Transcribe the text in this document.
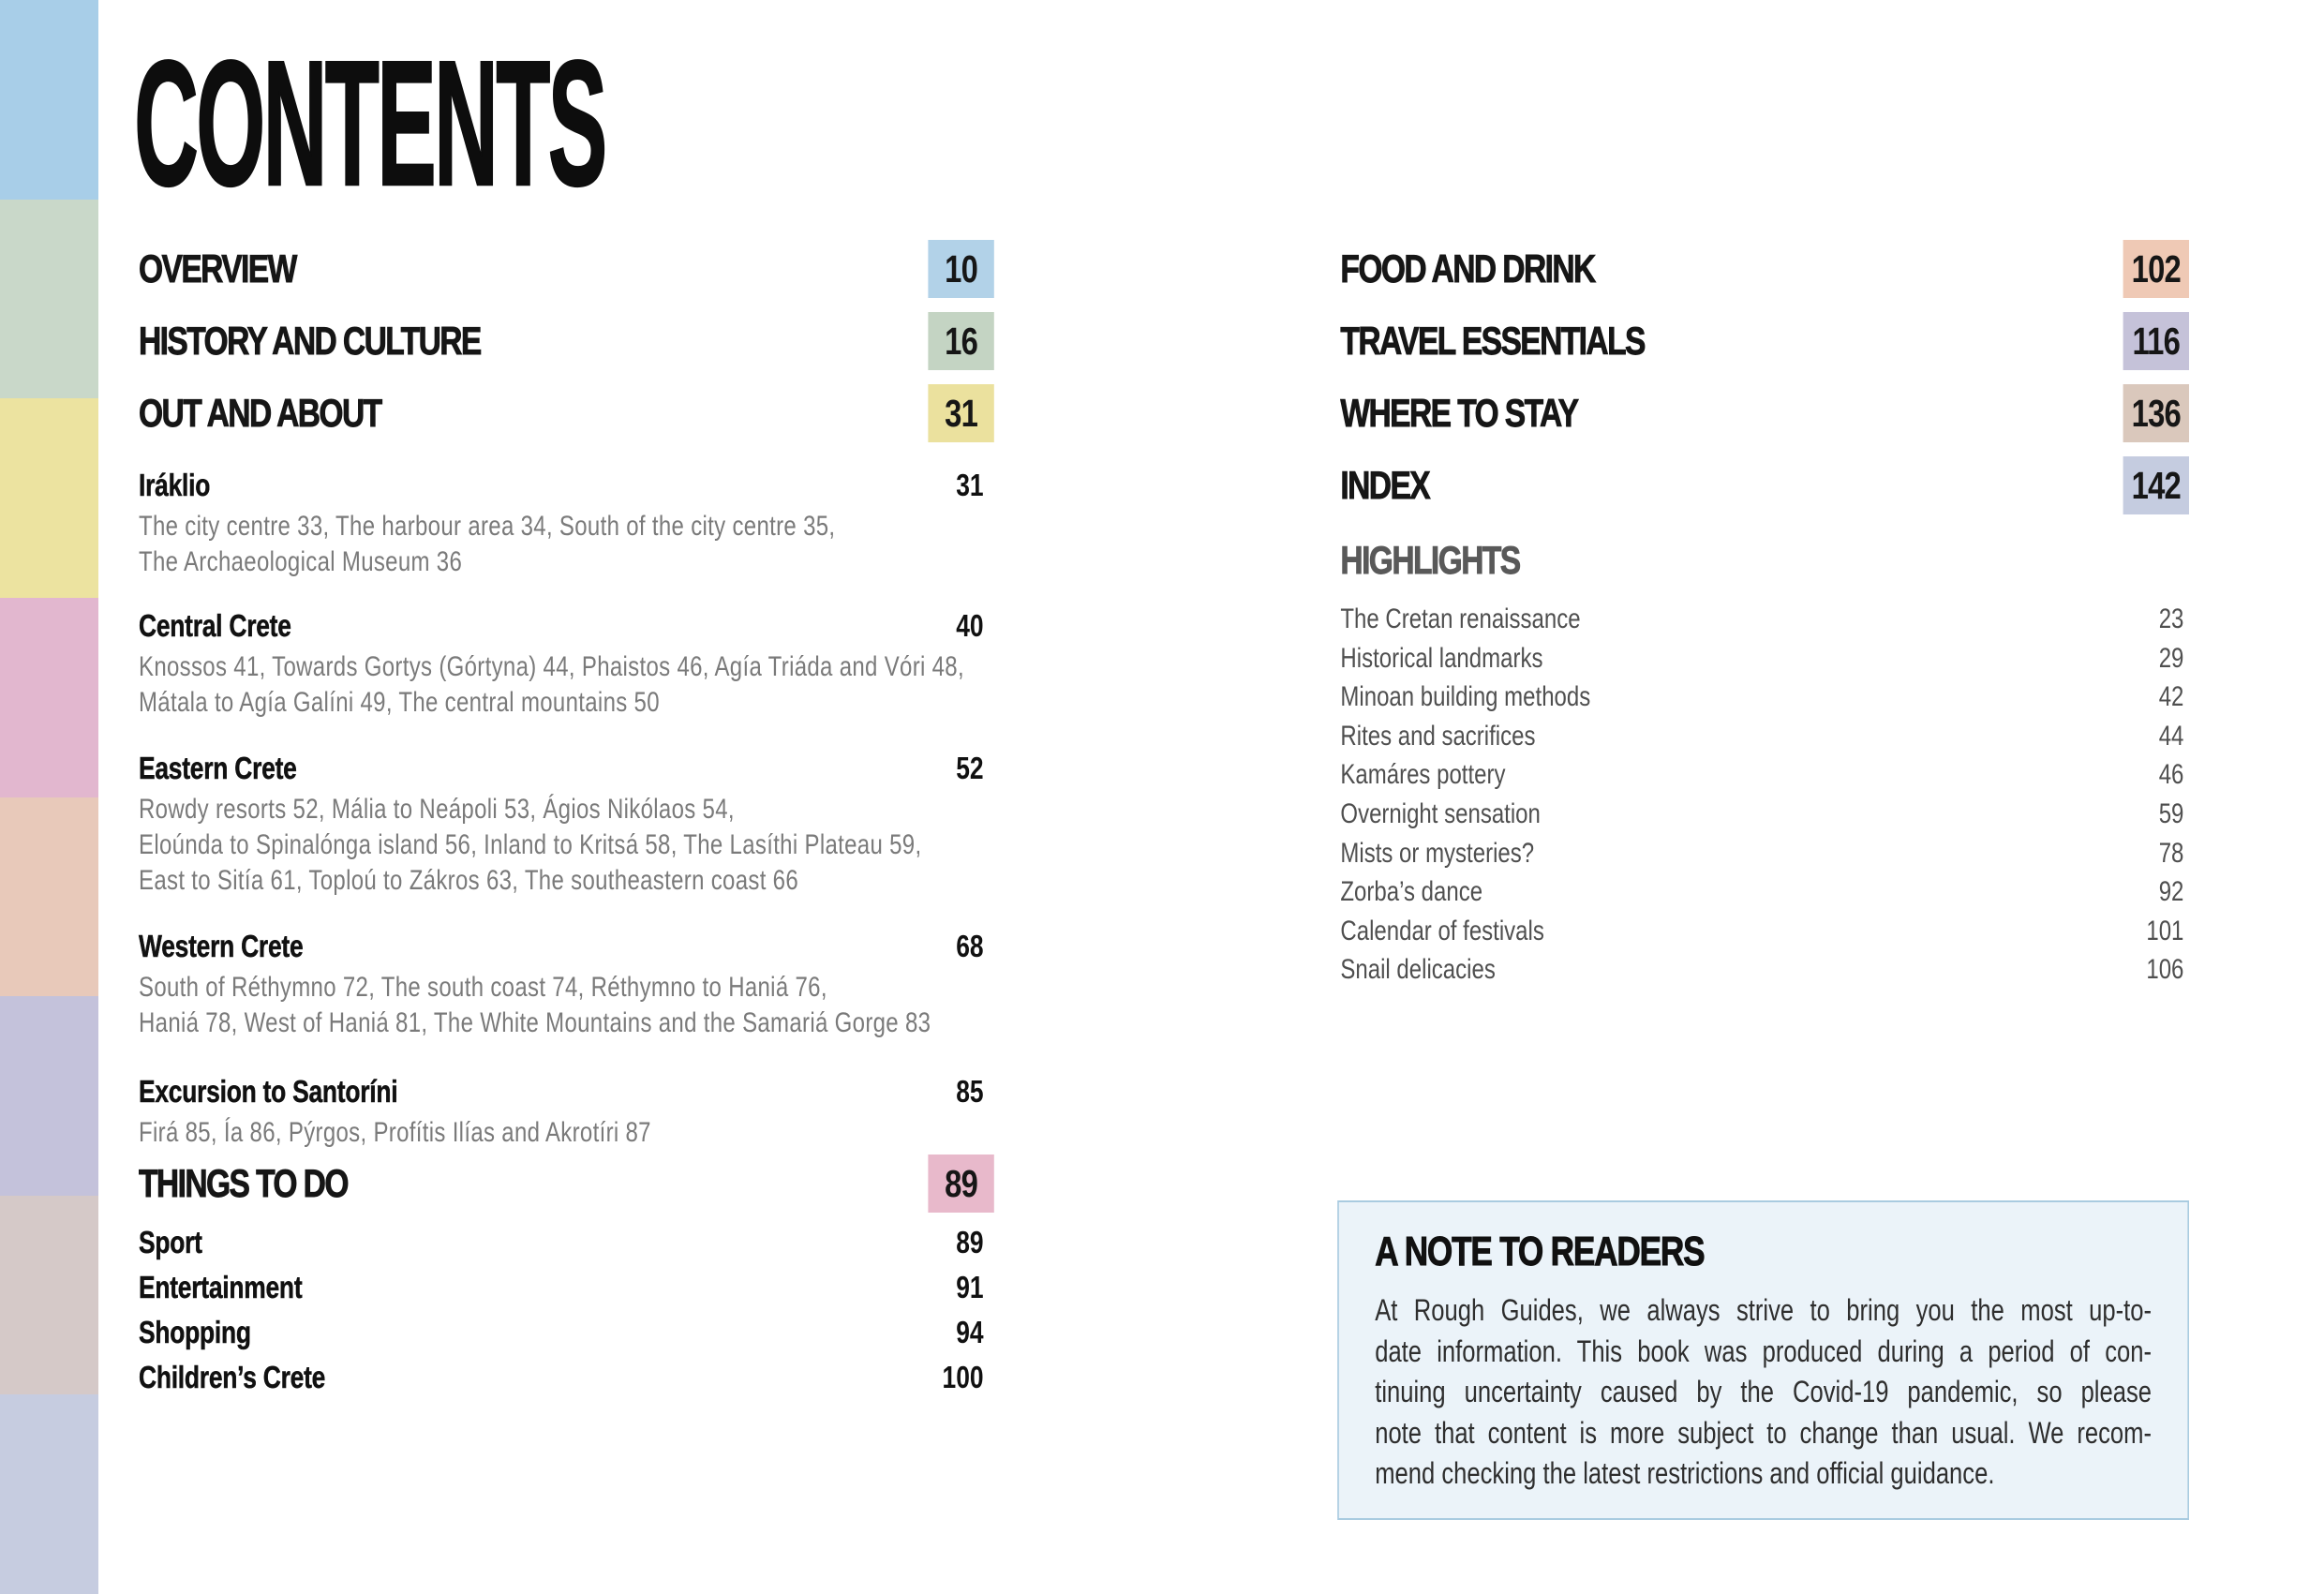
CONTENTS
OVERVIEW	10
HISTORY AND CULTURE	16
OUT AND ABOUT	31
Iráklio	31
The city centre 33, The harbour area 34, South of the city centre 35,
The Archaeological Museum 36
Central Crete	40
Knossos 41, Towards Gortys (Górtyna) 44, Phaistos 46, Agía Triáda and Vóri 48,
Mátala to Agía Galíni 49, The central mountains 50
Eastern Crete	52
Rowdy resorts 52, Mália to Neápoli 53, Ágios Nikólaos 54,
Eloúnda to Spinalónga island 56, Inland to Kritsá 58, The Lasíthi Plateau 59,
East to Sitía 61, Toploú to Zákros 63, The southeastern coast 66
Western Crete	68
South of Réthymno 72, The south coast 74, Réthymno to Haniá 76,
Haniá 78, West of Haniá 81, The White Mountains and the Samariá Gorge 83
Excursion to Santoríni	85
Firá 85, Ía 86, Pýrgos, Profítis Ilías and Akrotíri 87
THINGS TO DO	89
Sport	89
Entertainment	91
Shopping	94
Children’s Crete	100
FOOD AND DRINK	102
TRAVEL ESSENTIALS	116
WHERE TO STAY	136
INDEX	142
HIGHLIGHTS
The Cretan renaissance	23
Historical landmarks	29
Minoan building methods	42
Rites and sacrifices	44
Kamáres pottery	46
Overnight sensation	59
Mists or mysteries?	78
Zorba’s dance	92
Calendar of festivals	101
Snail delicacies	106
A NOTE TO READERS
At Rough Guides, we always strive to bring you the most up-to-
date information. This book was produced during a period of con-
tinuing uncertainty caused by the Covid-19 pandemic, so please
note that content is more subject to change than usual. We recom-
mend checking the latest restrictions and official guidance.
